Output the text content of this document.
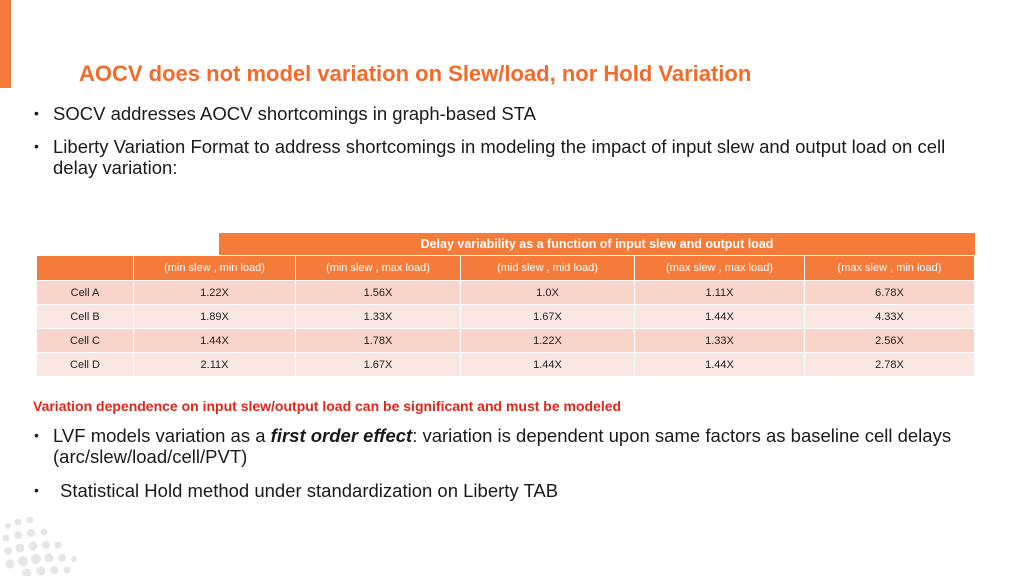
AOCV does not model variation on Slew/load, nor Hold Variation
• SOCV addresses AOCV shortcomings in graph-based STA
• Liberty Variation Format to address shortcomings in modeling the impact of input slew and output load on cell delay variation:
Delay variability as a function of input slew and output load
	(min slew , min load)	(min slew , max load)	(mid slew , mid load)	(max slew , max load)	(max slew , min load)
Cell A	1.22X	1.56X	1.0X	1.11X	6.78X
Cell B	1.89X	1.33X	1.67X	1.44X	4.33X
Cell C	1.44X	1.78X	1.22X	1.33X	2.56X
Cell D	2.11X	1.67X	1.44X	1.44X	2.78X
Variation dependence on input slew/output load can be significant and must be modeled
• LVF models variation as a first order effect: variation is dependent upon same factors as baseline cell delays (arc/slew/load/cell/PVT)
• Statistical Hold method under standardization on Liberty TAB
